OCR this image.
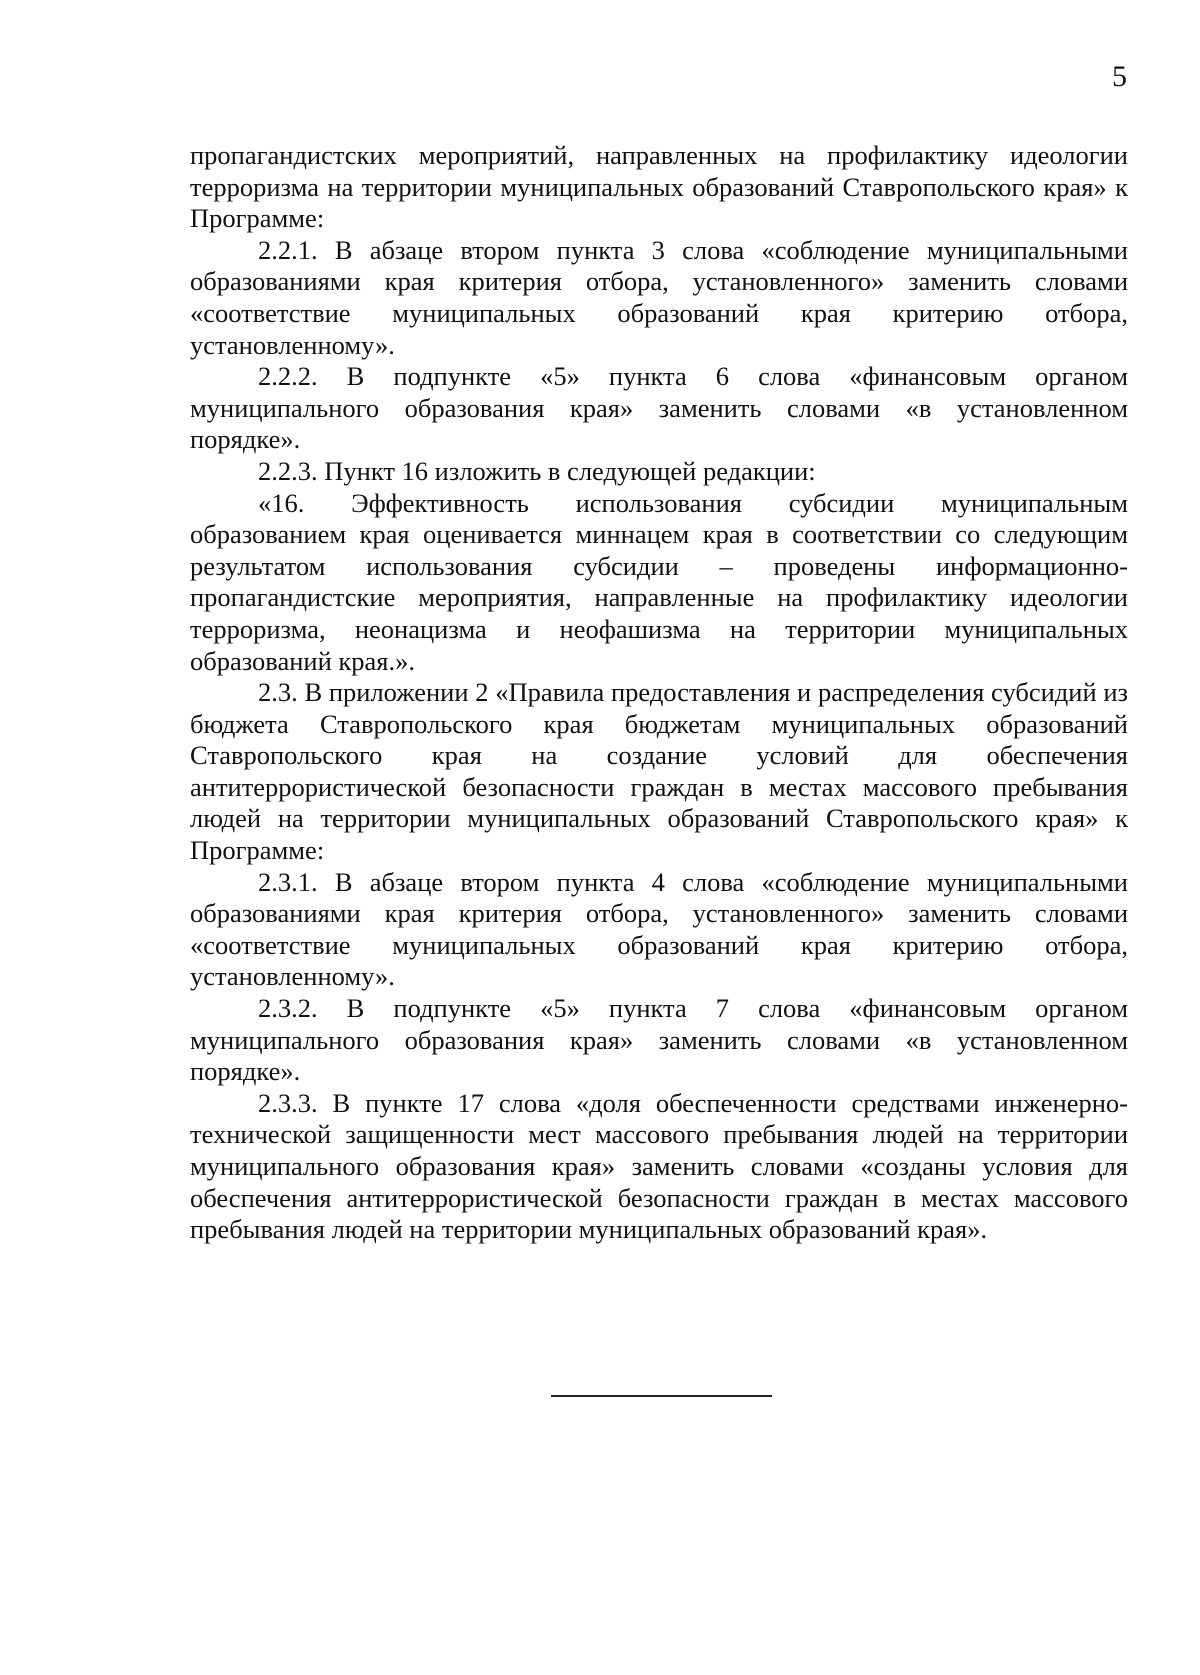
5

пропагандистских мероприятий, направленных на профилактику идеологии терроризма на территории муниципальных образований Ставропольского края» к Программе:

2.2.1. В абзаце втором пункта 3 слова «соблюдение муниципальными образованиями края критерия отбора, установленного» заменить словами «соответствие муниципальных образований края критерию отбора, установленному».

2.2.2. В подпункте «5» пункта 6 слова «финансовым органом муниципального образования края» заменить словами «в установленном порядке».

2.2.3. Пункт 16 изложить в следующей редакции:

«16. Эффективность использования субсидии муниципальным образованием края оценивается миннацем края в соответствии со следующим результатом использования субсидии – проведены информационно-пропагандистские мероприятия, направленные на профилактику идеологии терроризма, неонацизма и неофашизма на территории муниципальных образований края.».

2.3. В приложении 2 «Правила предоставления и распределения субсидий из бюджета Ставропольского края бюджетам муниципальных образований Ставропольского края на создание условий для обеспечения антитеррористической безопасности граждан в местах массового пребывания людей на территории муниципальных образований Ставропольского края» к Программе:

2.3.1. В абзаце втором пункта 4 слова «соблюдение муниципальными образованиями края критерия отбора, установленного» заменить словами «соответствие муниципальных образований края критерию отбора, установленному».

2.3.2. В подпункте «5» пункта 7 слова «финансовым органом муниципального образования края» заменить словами «в установленном порядке».

2.3.3. В пункте 17 слова «доля обеспеченности средствами инженерно-технической защищенности мест массового пребывания людей на территории муниципального образования края» заменить словами «созданы условия для обеспечения антитеррористической безопасности граждан в местах массового пребывания людей на территории муниципальных образований края».
